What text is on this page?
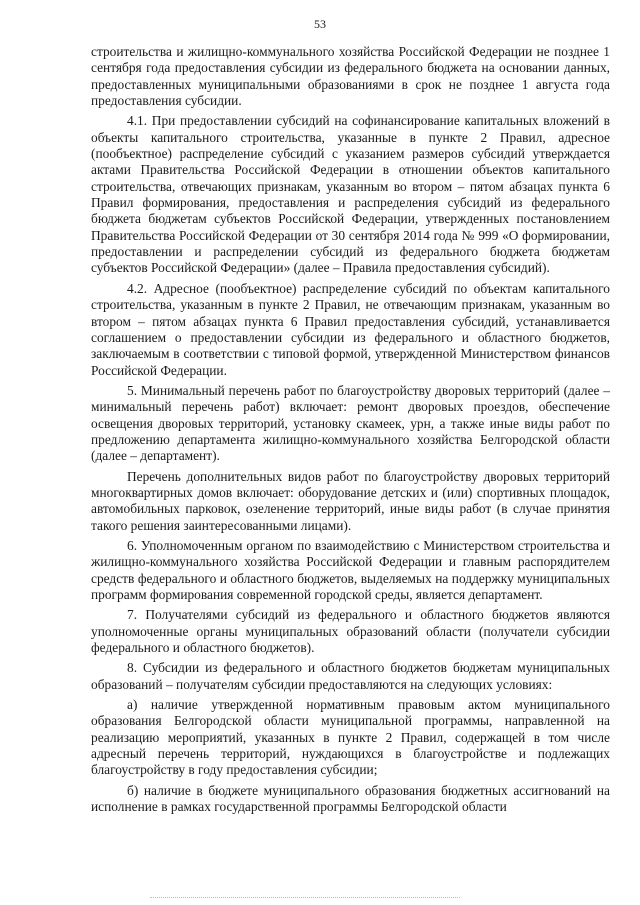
53

строительства и жилищно-коммунального хозяйства Российской Федерации не позднее 1 сентября года предоставления субсидии из федерального бюджета на основании данных, предоставленных муниципальными образованиями в срок не позднее 1 августа года предоставления субсидии.

4.1. При предоставлении субсидий на софинансирование капитальных вложений в объекты капитального строительства, указанные в пункте 2 Правил, адресное (пообъектное) распределение субсидий с указанием размеров субсидий утверждается актами Правительства Российской Федерации в отношении объектов капитального строительства, отвечающих признакам, указанным во втором – пятом абзацах пункта 6 Правил формирования, предоставления и распределения субсидий из федерального бюджета бюджетам субъектов Российской Федерации, утвержденных постановлением Правительства Российской Федерации от 30 сентября 2014 года № 999 «О формировании, предоставлении и распределении субсидий из федерального бюджета бюджетам субъектов Российской Федерации» (далее – Правила предоставления субсидий).

4.2. Адресное (пообъектное) распределение субсидий по объектам капитального строительства, указанным в пункте 2 Правил, не отвечающим признакам, указанным во втором – пятом абзацах пункта 6 Правил предоставления субсидий, устанавливается соглашением о предоставлении субсидии из федерального и областного бюджетов, заключаемым в соответствии с типовой формой, утвержденной Министерством финансов Российской Федерации.

5. Минимальный перечень работ по благоустройству дворовых территорий (далее – минимальный перечень работ) включает: ремонт дворовых проездов, обеспечение освещения дворовых территорий, установку скамеек, урн, а также иные виды работ по предложению департамента жилищно-коммунального хозяйства Белгородской области (далее – департамент).

Перечень дополнительных видов работ по благоустройству дворовых территорий многоквартирных домов включает: оборудование детских и (или) спортивных площадок, автомобильных парковок, озеленение территорий, иные виды работ (в случае принятия такого решения заинтересованными лицами).

6. Уполномоченным органом по взаимодействию с Министерством строительства и жилищно-коммунального хозяйства Российской Федерации и главным распорядителем средств федерального и областного бюджетов, выделяемых на поддержку муниципальных программ формирования современной городской среды, является департамент.

7. Получателями субсидий из федерального и областного бюджетов являются уполномоченные органы муниципальных образований области (получатели субсидии федерального и областного бюджетов).

8. Субсидии из федерального и областного бюджетов бюджетам муниципальных образований – получателям субсидии предоставляются на следующих условиях:

а) наличие утвержденной нормативным правовым актом муниципального образования Белгородской области муниципальной программы, направленной на реализацию мероприятий, указанных в пункте 2 Правил, содержащей в том числе адресный перечень территорий, нуждающихся в благоустройстве и подлежащих благоустройству в году предоставления субсидии;

б) наличие в бюджете муниципального образования бюджетных ассигнований на исполнение в рамках государственной программы Белгородской области
